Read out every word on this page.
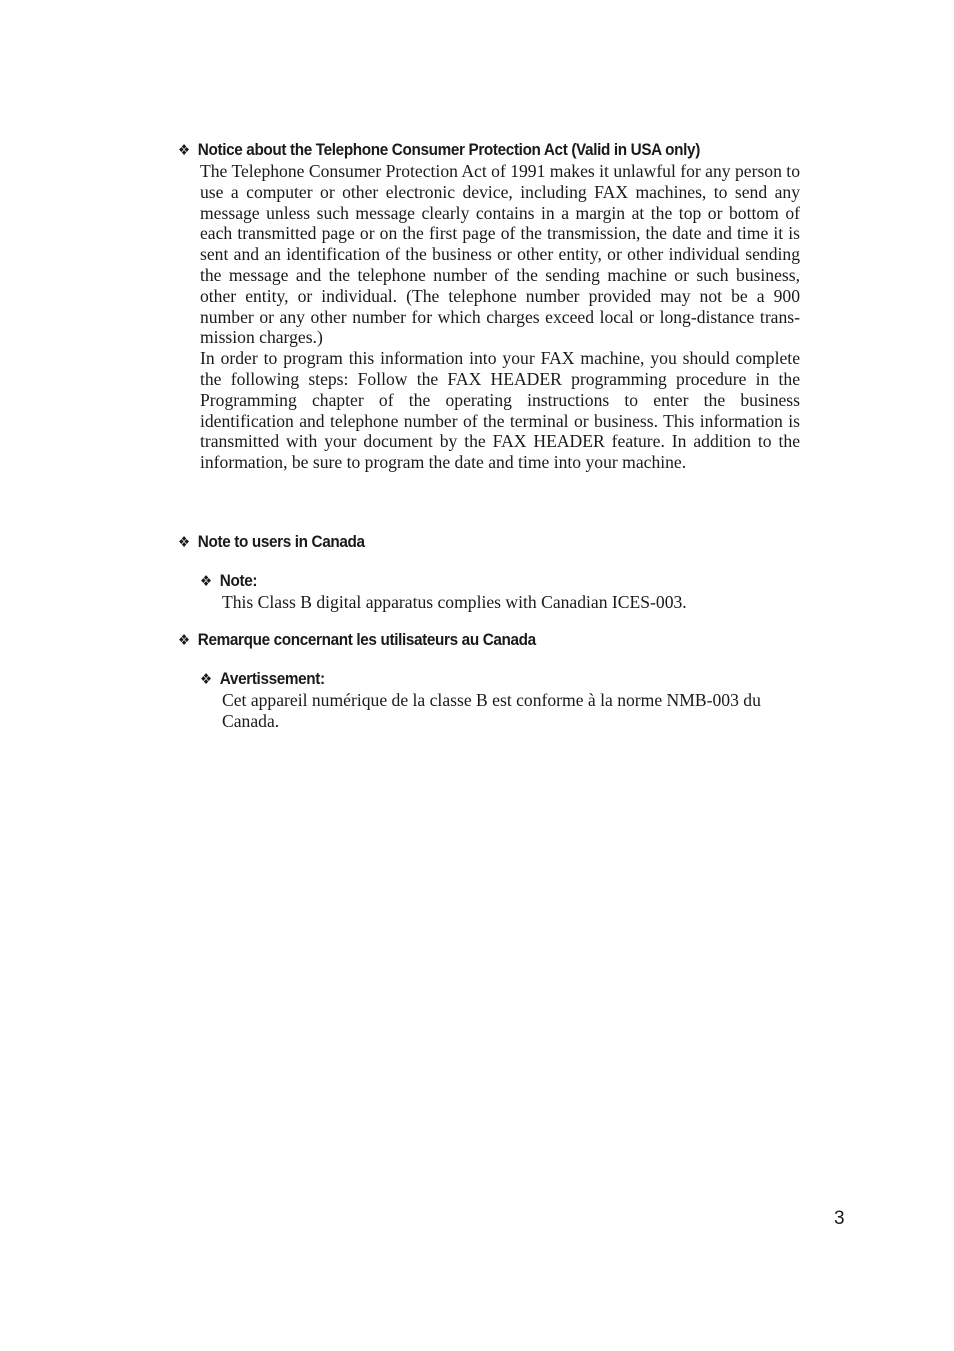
❖ Notice about the Telephone Consumer Protection Act (Valid in USA only)

The Telephone Consumer Protection Act of 1991 makes it unlawful for any person to use a computer or other electronic device, including FAX machines, to send any message unless such message clearly contains in a margin at the top or bottom of each transmitted page or on the first page of the transmission, the date and time it is sent and an identification of the business or other entity, or other individual sending the message and the telephone number of the sending machine or such business, other entity, or individual. (The telephone number provided may not be a 900 number or any other number for which charges exceed local or long-distance transmission charges.)

In order to program this information into your FAX machine, you should complete the following steps: Follow the FAX HEADER programming procedure in the Programming chapter of the operating instructions to enter the business identification and telephone number of the terminal or business. This information is transmitted with your document by the FAX HEADER feature. In addition to the information, be sure to program the date and time into your machine.

❖ Note to users in Canada
❖ Note:

This Class B digital apparatus complies with Canadian ICES-003.

❖ Remarque concernant les utilisateurs au Canada
❖ Avertissement:

Cet appareil numérique de la classe B est conforme à la norme NMB-003 du Canada.

3
